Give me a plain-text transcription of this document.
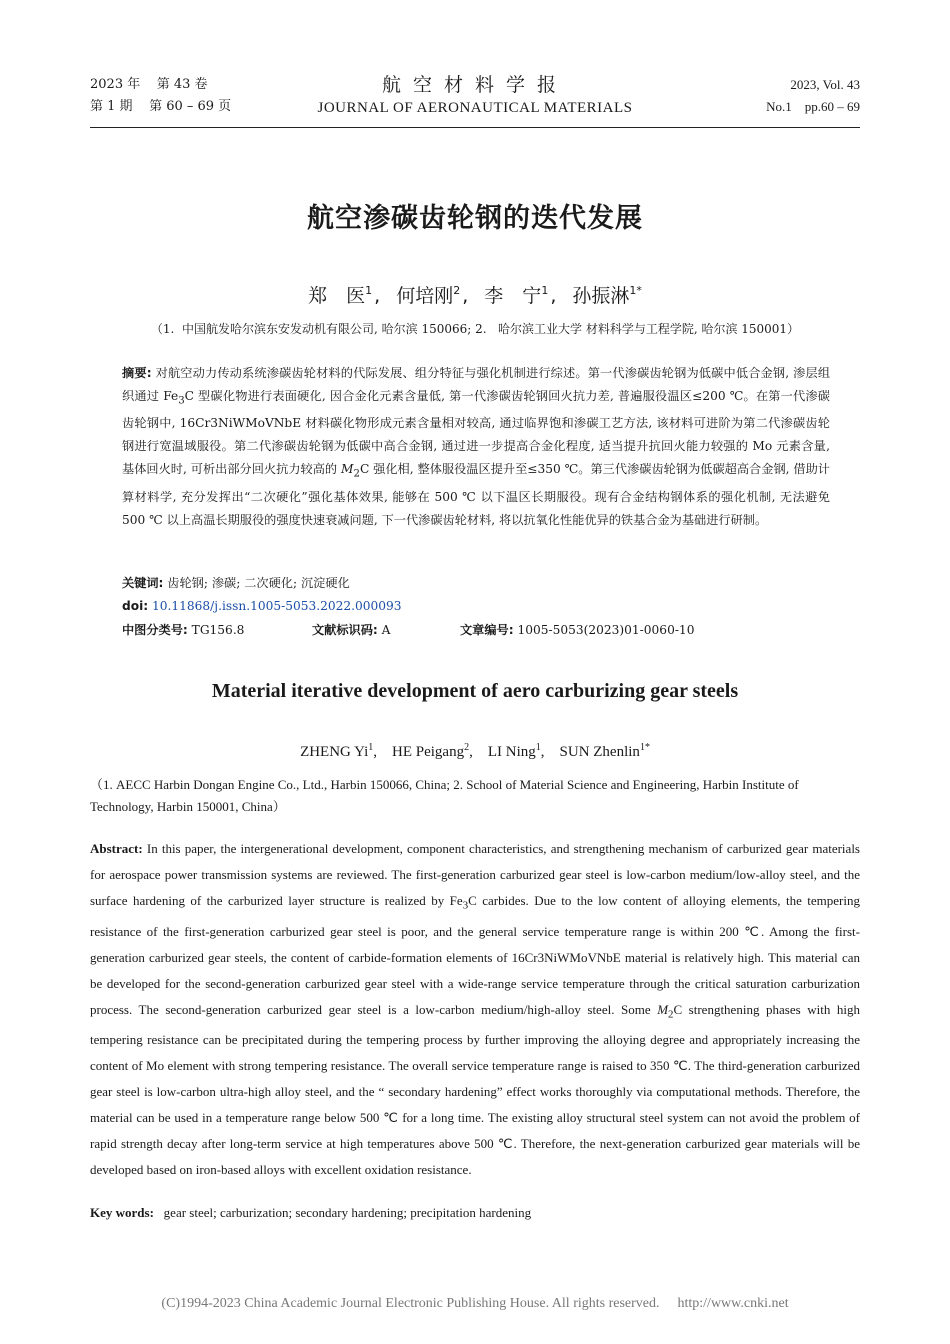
2023 年    第 43 卷
第 1 期    第 60 – 69 页
航空材料学报
JOURNAL OF AERONAUTICAL MATERIALS
2023, Vol. 43
No.1    pp.60 – 69
航空渗碳齿轮钢的迭代发展
郑　医$^1$ , 何培刚$^2$ , 李　宁$^1$ , 孙振淋$^{1*}$
（1.  中国航发哈尔滨东安发动机有限公司, 哈尔滨 150066; 2.   哈尔滨工业大学 材料科学与工程学院, 哈尔滨 150001）
摘要: 对航空动力传动系统渗碳齿轮材料的代际发展、组分特征与强化机制进行综述。第一代渗碳齿轮钢为低碳中低合金钢, 渗层组织通过 $Fe_3C$ 型碳化物进行表面硬化, 因合金化元素含量低, 第一代渗碳齿轮钢回火抗力差, 普遍服役温区≤200 ℃。在第一代渗碳齿轮钢中, 16Cr3NiWMoVNbE 材料碳化物形成元素含量相对较高, 通过临界饱和渗碳工艺方法, 该材料可进阶为第二代渗碳齿轮钢进行宽温域服役。第二代渗碳齿轮钢为低碳中高合金钢, 通过进一步提高合金化程度, 适当提升抗回火能力较强的 Mo 元素含量, 基体回火时, 可析出部分回火抗力较高的 $M_2C$ 强化相, 整体服役温区提升至≤350 ℃。第三代渗碳齿轮钢为低碳超高合金钢, 借助计算材料学, 充分发挥出“二次硬化”强化基体效果, 能够在 500 ℃ 以下温区长期服役。现有合金结构钢体系的强化机制, 无法避免 500 ℃ 以上高温长期服役的强度快速衰减问题, 下一代渗碳齿轮材料, 将以抗氧化性能优异的铁基合金为基础进行研制。
关键词: 齿轮钢; 渗碳; 二次硬化; 沉淀硬化
doi: 10.11868/j.issn.1005-5053.2022.000093
中图分类号: TG156.8	文献标识码: A	文章编号: 1005-5053(2023)01-0060-10
Material iterative development of aero carburizing gear steels
ZHENG Yi$^1$,    HE Peigang$^2$,    LI Ning$^1$,    SUN Zhenlin$^{1*}$
（1. AECC Harbin Dongan Engine Co., Ltd., Harbin 150066, China; 2. School of Material Science and Engineering, Harbin Institute of Technology, Harbin 150001, China）
Abstract: In this paper, the intergenerational development, component characteristics, and strengthening mechanism of carburized gear materials for aerospace power transmission systems are reviewed. The first-generation carburized gear steel is low-carbon medium/low-alloy steel, and the surface hardening of the carburized layer structure is realized by $Fe_3C$ carbides. Due to the low content of alloying elements, the tempering resistance of the first-generation carburized gear steel is poor, and the general service temperature range is within 200 ℃. Among the first-generation carburized gear steels, the content of carbide-formation elements of 16Cr3NiWMoVNbE material is relatively high. This material can be developed for the second-generation carburized gear steel with a wide-range service temperature through the critical saturation carburization process. The second-generation carburized gear steel is a low-carbon medium/high-alloy steel. Some $M_2C$ strengthening phases with high tempering resistance can be precipitated during the tempering process by further improving the alloying degree and appropriately increasing the content of Mo element with strong tempering resistance. The overall service temperature range is raised to 350 ℃. The third-generation carburized gear steel is low-carbon ultra-high alloy steel, and the “ secondary hardening” effect works thoroughly via computational methods. Therefore, the material can be used in a temperature range below 500 ℃ for a long time. The existing alloy structural steel system can not avoid the problem of rapid strength decay after long-term service at high temperatures above 500 ℃. Therefore, the next-generation carburized gear materials will be developed based on iron-based alloys with excellent oxidation resistance.
Key words:   gear steel; carburization; secondary hardening; precipitation hardening
(C)1994-2023 China Academic Journal Electronic Publishing House. All rights reserved. http://www.cnki.net
